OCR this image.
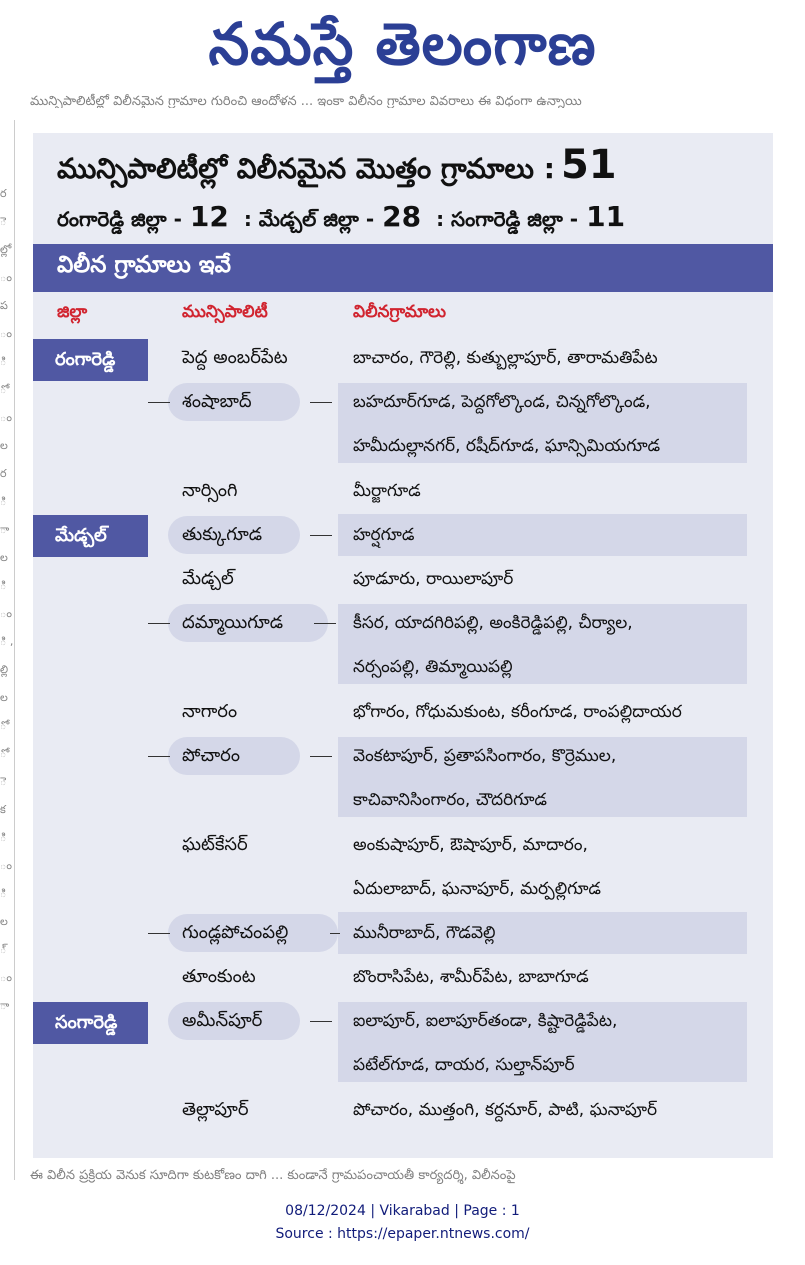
నమస్తే తెలంగాణ
మున్సిపాలిటీల్లో విలీనమైన గ్రామాల గురించి ఆందోళన ... ఇంకా విలీనం గ్రామాల వివరాలు ఈ విధంగా ఉన్నాయి
ర ె ల్లో ం ప ం ి ో ం ల ర ి ా ల ి ం ి , ల్లి ల ో ో ె క ి ం ి ల ్ ం ా
మున్సిపాలిటీల్లో విలీనమైన మొత్తం గ్రామాలు : 51
రంగారెడ్డి జిల్లా - 12 : మేడ్చల్ జిల్లా - 28 : సంగారెడ్డి జిల్లా - 11
విలీన గ్రామాలు ఇవే
జిల్లా	మున్సిపాలిటీ	విలీనగ్రామాలు
రంగారెడ్డి
మేడ్చల్
సంగారెడ్డి
పెద్ద అంబర్‌పేట
శంషాబాద్
నార్సింగి
తుక్కుగూడ
మేడ్చల్
దమ్మాయిగూడ
నాగారం
పోచారం
ఘట్‌కేసర్
గుండ్లపోచంపల్లి
తూంకుంట
అమీన్‌పూర్
తెల్లాపూర్
బాచారం, గౌరెల్లి, కుత్బుల్లాపూర్, తారామతిపేట
బహదూర్‌గూడ, పెద్దగోల్కొండ, చిన్నగోల్కొండ,
హమీదుల్లానగర్, రషీద్‌గూడ, ఘాన్సిమియగూడ
మీర్జాగూడ
హర్షగూడ
పూడూరు, రాయిలాపూర్
కీసర, యాదగిరిపల్లి, అంకిరెడ్డిపల్లి, చీర్యాల,
నర్సంపల్లి, తిమ్మాయిపల్లి
భోగారం, గోధుమకుంట, కరీంగూడ, రాంపల్లిదాయర
వెంకటాపూర్, ప్రతాపసింగారం, కొర్రెముల,
కాచివానిసింగారం, చౌదరిగూడ
అంకుషాపూర్, ఔషాపూర్, మాదారం,
ఏదులాబాద్, ఘనాపూర్, మర్పల్లిగూడ
మునీరాబాద్, గౌడవెల్లి
బొంరాసిపేట, శామీర్‌పేట, బాబాగూడ
ఐలాపూర్, ఐలాపూర్‌తండా, కిష్టారెడ్డిపేట,
పటేల్‌గూడ, దాయర, సుల్తాన్‌పూర్
పోచారం, ముత్తంగి, కర్దనూర్, పాటి, ఘనాపూర్
ఈ విలీన ప్రక్రియ వెనుక సూదిగా కుటకోణం దాగి ... కుండానే గ్రామపంచాయతీ కార్యదర్శి, విలీనంపై
08/12/2024 | Vikarabad | Page : 1
Source : https://epaper.ntnews.com/
